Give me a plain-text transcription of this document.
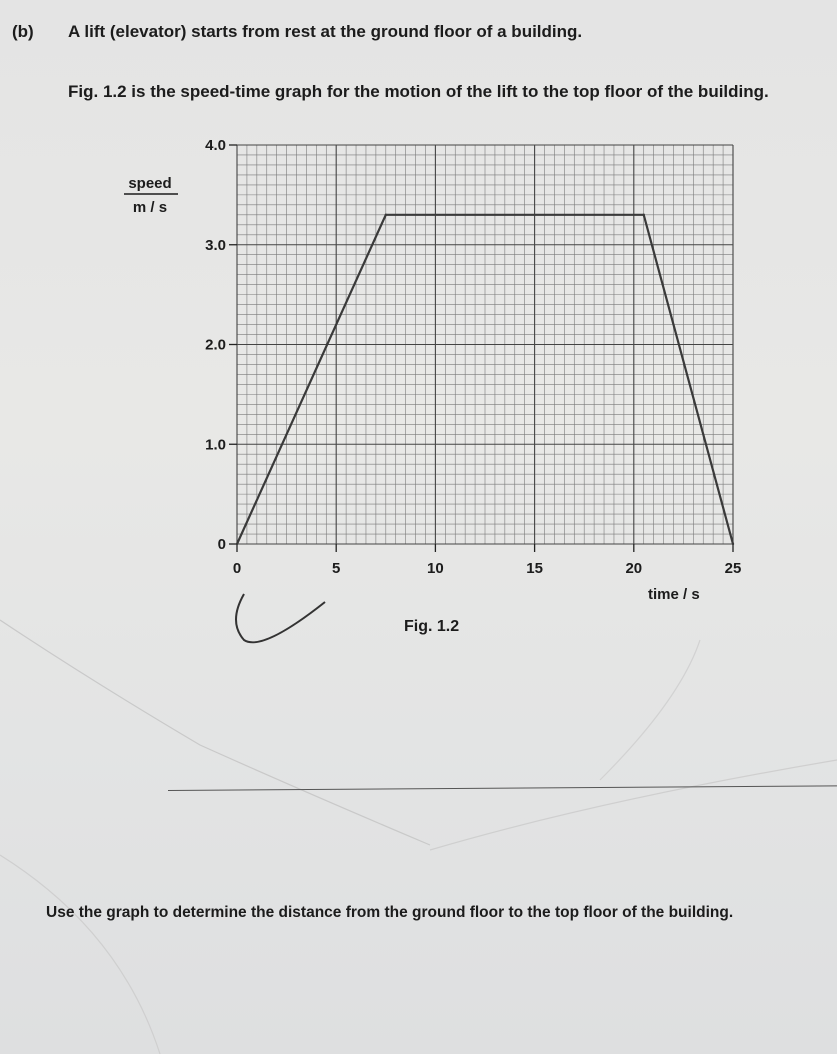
(b) A lift (elevator) starts from rest at the ground floor of a building.
Fig. 1.2 is the speed-time graph for the motion of the lift to the top floor of the building.
0
1.0
2.0
3.0
4.0
0	5	10	15	20	25
speed
m / s
time / s
Fig. 1.2
Use the graph to determine the distance from the ground floor to the top floor of the building.
